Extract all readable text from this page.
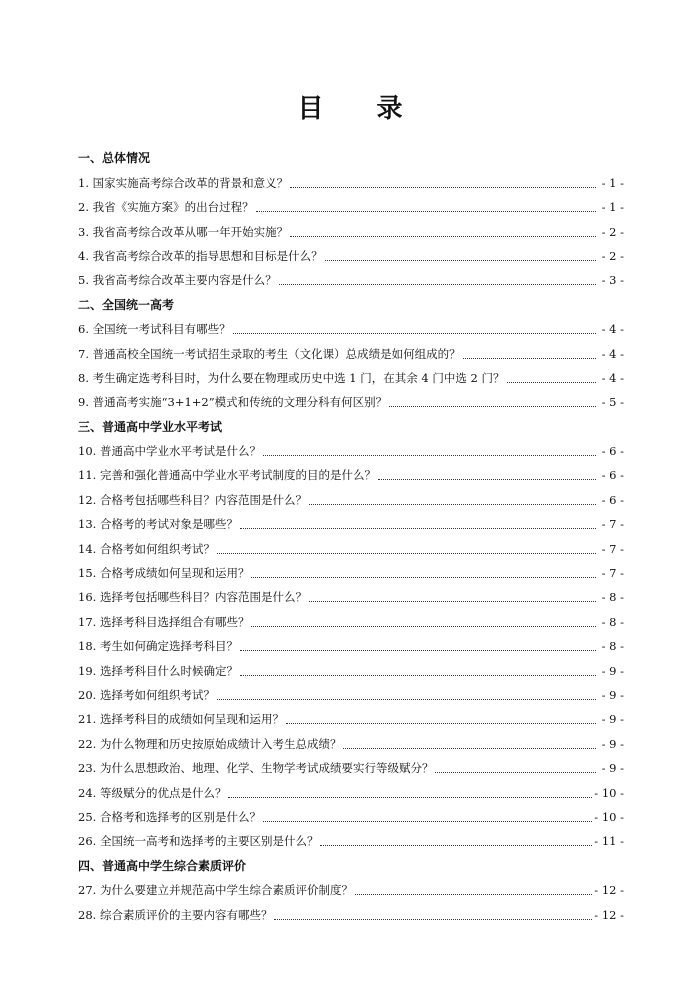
目 录
一、总体情况
1. 国家实施高考综合改革的背景和意义？	- 1 -
2. 我省《实施方案》的出台过程？	- 1 -
3. 我省高考综合改革从哪一年开始实施？	- 2 -
4. 我省高考综合改革的指导思想和目标是什么？	- 2 -
5. 我省高考综合改革主要内容是什么？	- 3 -
二、全国统一高考
6. 全国统一考试科目有哪些？	- 4 -
7. 普通高校全国统一考试招生录取的考生（文化课）总成绩是如何组成的？	- 4 -
8. 考生确定选考科目时，为什么要在物理或历史中选 1 门，在其余 4 门中选 2 门？	- 4 -
9. 普通高考实施“3+1+2”模式和传统的文理分科有何区别？	- 5 -
三、普通高中学业水平考试
10. 普通高中学业水平考试是什么？	- 6 -
11. 完善和强化普通高中学业水平考试制度的目的是什么？	- 6 -
12. 合格考包括哪些科目？内容范围是什么？	- 6 -
13. 合格考的考试对象是哪些？	- 7 -
14. 合格考如何组织考试？	- 7 -
15. 合格考成绩如何呈现和运用？	- 7 -
16. 选择考包括哪些科目？内容范围是什么？	- 8 -
17. 选择考科目选择组合有哪些？	- 8 -
18. 考生如何确定选择考科目？	- 8 -
19. 选择考科目什么时候确定？	- 9 -
20. 选择考如何组织考试？	- 9 -
21. 选择考科目的成绩如何呈现和运用？	- 9 -
22. 为什么物理和历史按原始成绩计入考生总成绩？	- 9 -
23. 为什么思想政治、地理、化学、生物学考试成绩要实行等级赋分？	- 9 -
24. 等级赋分的优点是什么？	- 10 -
25. 合格考和选择考的区别是什么？	- 10 -
26. 全国统一高考和选择考的主要区别是什么？	- 11 -
四、普通高中学生综合素质评价
27. 为什么要建立并规范高中学生综合素质评价制度？	- 12 -
28. 综合素质评价的主要内容有哪些？	- 12 -
